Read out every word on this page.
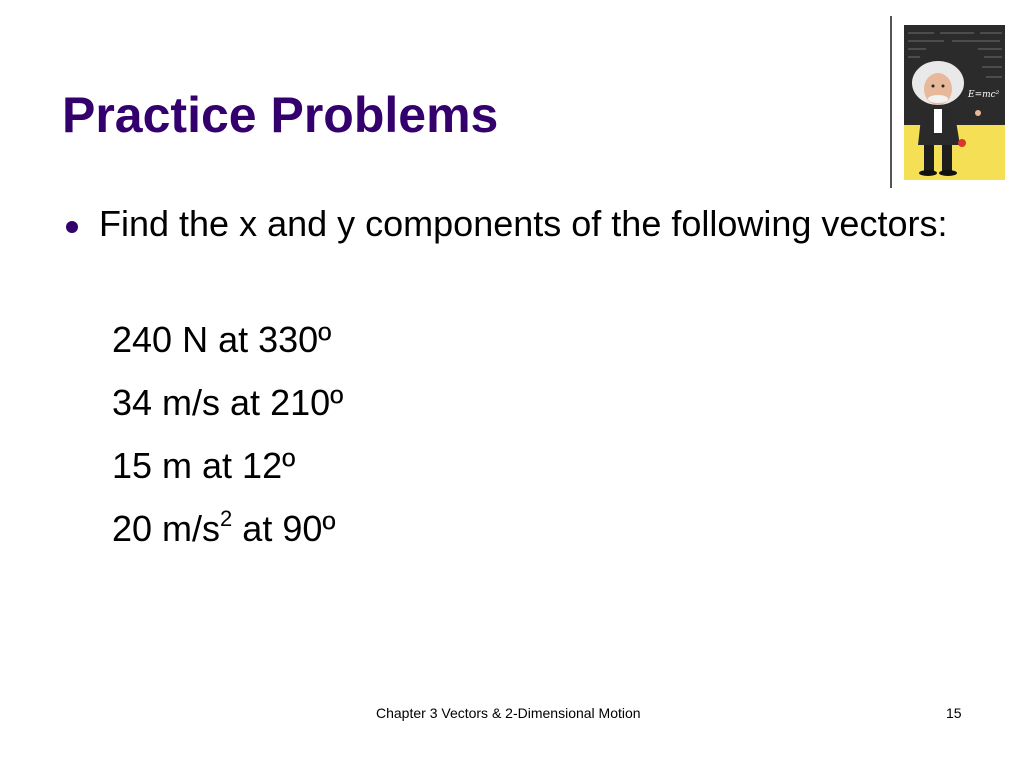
Practice Problems	E=mc²
Find the x and y components of the following vectors:
240 N at 330º
34 m/s at 210º
15 m at 12º
20 $m/s^2$ at 90º
Chapter 3 Vectors & 2-Dimensional Motion	15
